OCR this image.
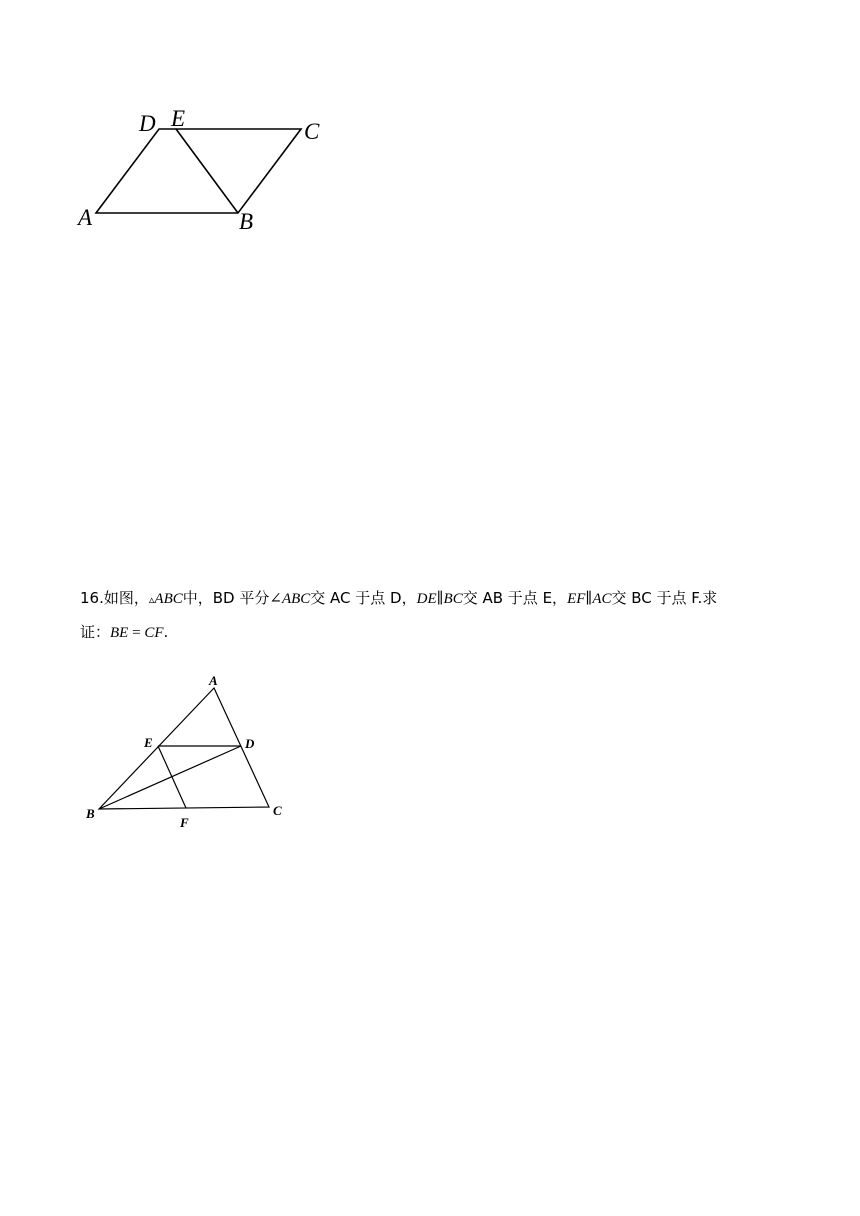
D E
C
A	B
16.如图，▵ABC中，BD 平分∠ABC交 AC 于点 D，DE∥BC交 AB 于点 E，EF∥AC交 BC 于点 F.求
证：BE = CF.
A
E	D
B
F
C
